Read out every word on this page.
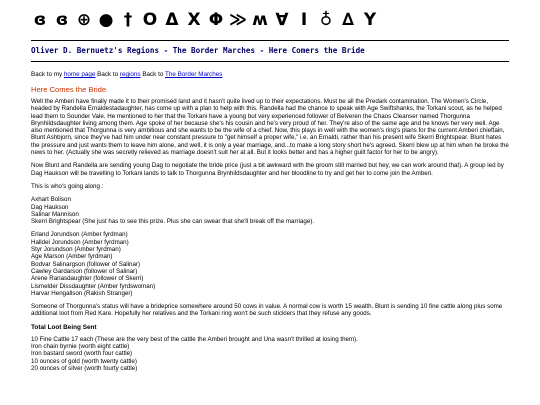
ɞ ɞ ⊕ ● † O Δ X Φ ≫ ʍ ∀ Ι ♁ ∆ Y
Oliver D. Bernuetz's Regions - The Border Marches - Here Comers the Bride
Back to my home page Back to regions Back to The Border Marches
Here Comes the Bride

Well the Amberi have finally made it to their promised land and it hasn't quite lived up to their expectations. Must be all the Predark contamination. The Women's Circle, headed by Randella Ernaldestadaughter, has come up with a plan to help with this. Randella had the chance to speak with Age Swiftshanks, the Torkani scout, as he helped lead them to Sounder Vale. He mentioned to her that the Torkani have a young but very experienced follower of Belveren the Chaos Cleanser named Thorgunna Brynhildsdaughter living among them. Age spoke of her because she's his cousin and he's very proud of her. They're also of the same age and he knows her very well. Age also mentioned that Thorgunna is very ambitious and she wants to be the wife of a chief. Now, this plays in well with the women's ring's plans for the current Amberi chieftain, Blunt Ashbjorn, since they've had him under near constant pressure to "get himself a proper wife," i.e. an Ernaldi, rather than his present wife Skerri Brightspear. Blunt hates the pressure and just wants them to leave him alone, and well, it is only a year marriage, and...to make a long story short he's agreed. Skerri blew up at him when he broke the news to her. (Actually she was secretly relieved as marriage doesn't suit her at all. But it looks better and has a higher guilt factor for her to be angry).

Now Blunt and Randella are sending young Dag to negotiate the bride price (just a bit awkward with the groom still married but hey, we can work around that). A group led by Dag Haukson will be travelling to Torkani lands to talk to Thorgunna Brynhildsdaughter and her bloodline to try and get her to come join the Amberi.

This is who's going along :

Axhart Bolison
Dag Haukson
Salinar Mannison
Skerri Brightspear (She just has to see this prize. Plus she can swear that she'll break off the marriage).
Erland Jorundson (Amber fyrdman)
Halldel Jorundson (Amber fyrdman)
Styr Jorundson (Amber fyrdman)
Age Marson (Amber fyrdman)
Bodvar Salinargson (follower of Salinar)
Cawley Gardarson (follower of Salinar)
Arene Ranasdaughter (follower of Skerri)
Lismelder Dissdaughter (Amber fyrdswoman)
Harvar Hengallson (Rakish Stranger)

Someone of Thorgunna's status will have a brideprice somewhere around 50 cows in value. A normal cow is worth 15 wealth. Blunt is sending 10 fine cattle along plus some additional loot from Red Kare. Hopefully her relatives and the Torkani ring won't be such sticklers that they refuse any goods.

Total Loot Being Sent
10 Fine Cattle 17 each (These are the very best of the cattle the Amberi brought and Una wasn't thrilled at losing them).
Iron chain byrnie (worth eight cattle)
Iron bastard sword (worth four cattle)
10 ounces of gold (worth twenty cattle)
20 ounces of silver (worth fourty cattle)
